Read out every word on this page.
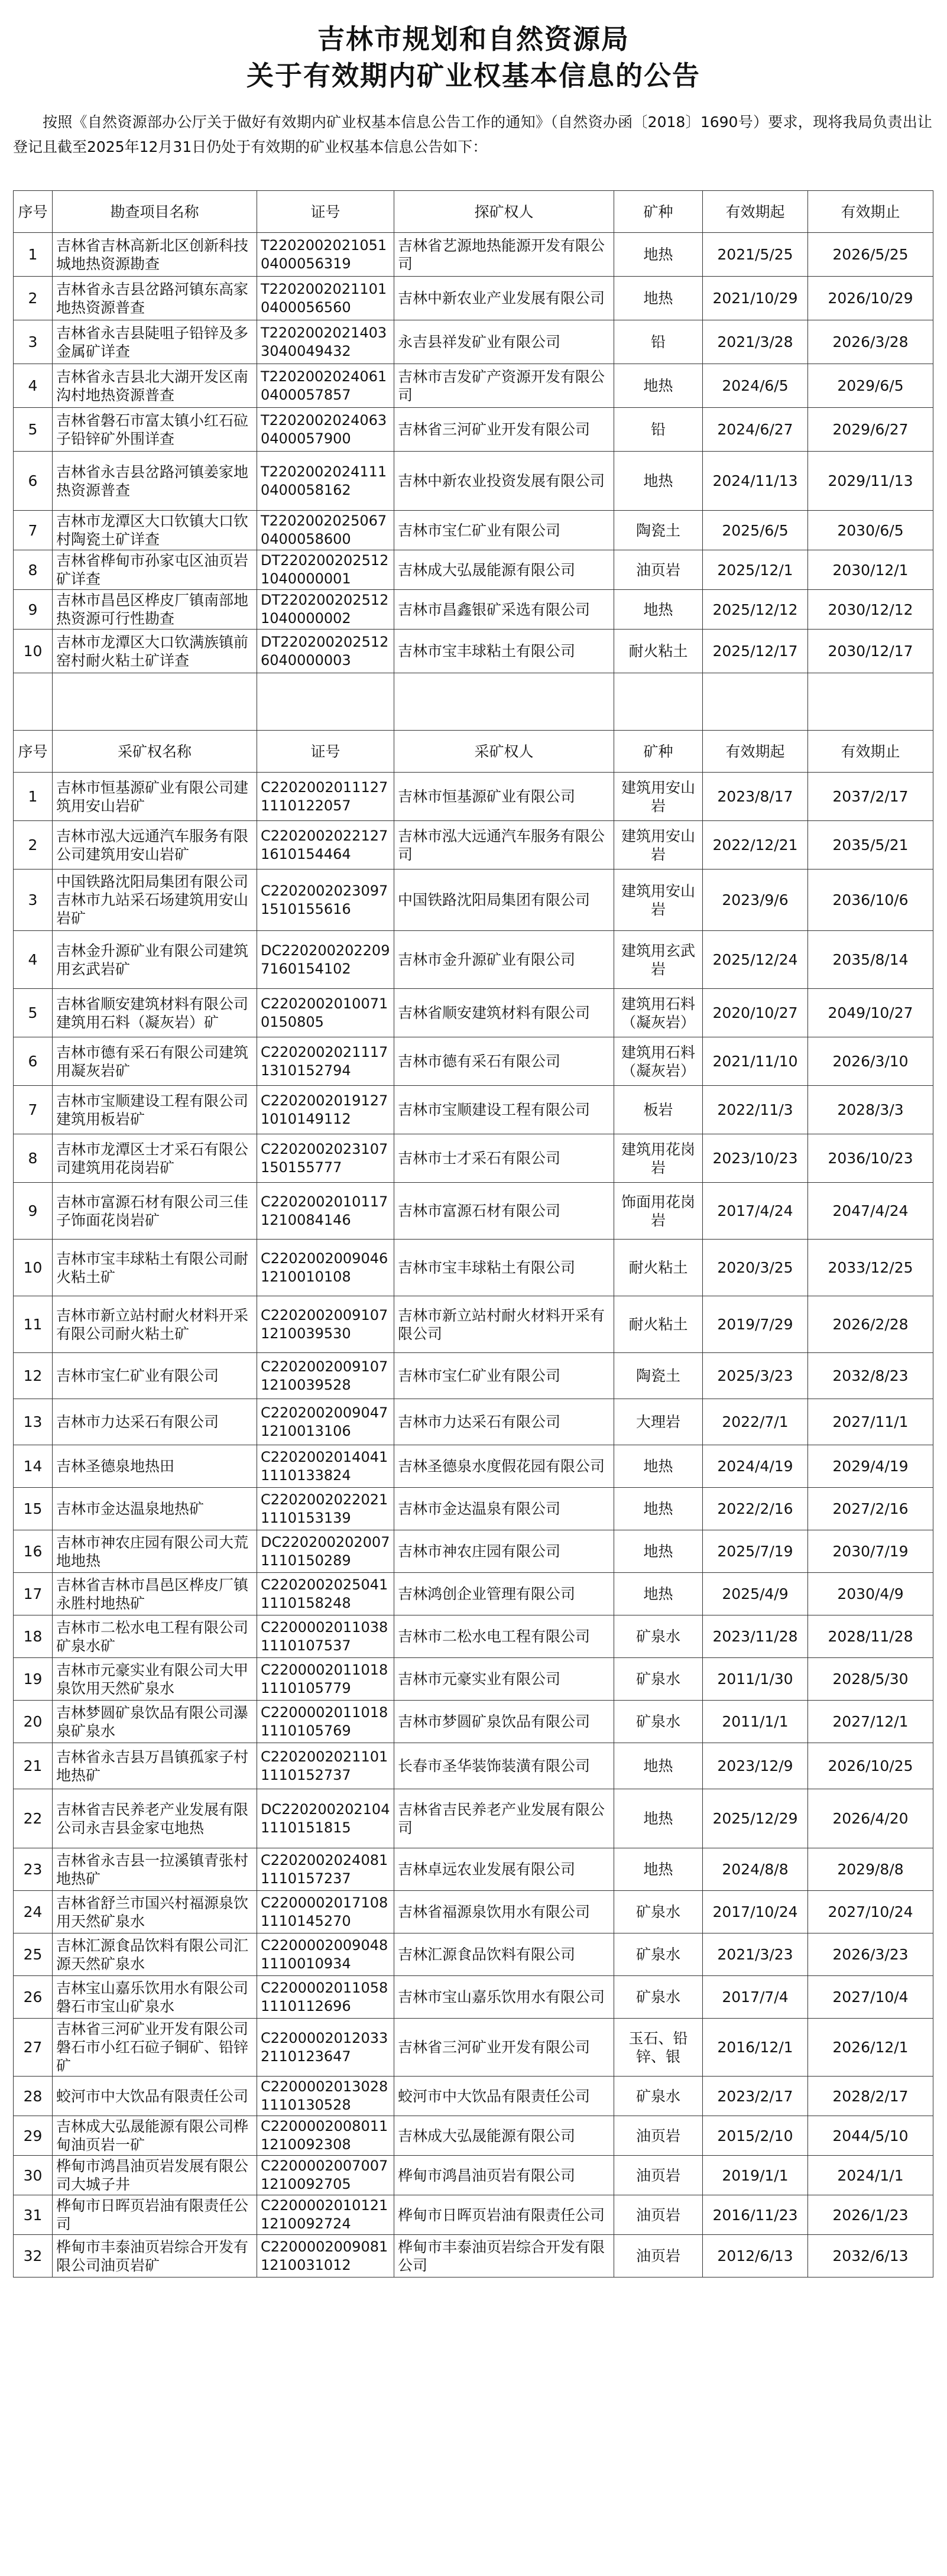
吉林市规划和自然资源局
关于有效期内矿业权基本信息的公告
按照《自然资源部办公厅关于做好有效期内矿业权基本信息公告工作的通知》（自然资办函〔2018〕1690号）要求，现将我局负责出让登记且截至2025年12月31日仍处于有效期的矿业权基本信息公告如下：
序号	勘查项目名称	证号	探矿权人	矿种	有效期起	有效期止
1	吉林省吉林高新北区创新科技城地热资源勘查	T22020020210510400056319	吉林省艺源地热能源开发有限公司	地热	2021/5/25	2026/5/25
2	吉林省永吉县岔路河镇东高家地热资源普查	T22020020211010400056560	吉林中新农业产业发展有限公司	地热	2021/10/29	2026/10/29
3	吉林省永吉县陡咀子铅锌及多金属矿详查	T22020020214033040049432	永吉县祥发矿业有限公司	铅	2021/3/28	2026/3/28
4	吉林省永吉县北大湖开发区南沟村地热资源普查	T22020020240610400057857	吉林市吉发矿产资源开发有限公司	地热	2024/6/5	2029/6/5
5	吉林省磐石市富太镇小红石砬子铅锌矿外围详查	T22020020240630400057900	吉林省三河矿业开发有限公司	铅	2024/6/27	2029/6/27
6	吉林省永吉县岔路河镇姜家地热资源普查	T22020020241110400058162	吉林中新农业投资发展有限公司	地热	2024/11/13	2029/11/13
7	吉林市龙潭区大口钦镇大口钦村陶瓷土矿详查	T22020020250670400058600	吉林市宝仁矿业有限公司	陶瓷土	2025/6/5	2030/6/5
8	吉林省桦甸市孙家屯区油页岩矿详查	DT2202002025121040000001	吉林成大弘晟能源有限公司	油页岩	2025/12/1	2030/12/1
9	吉林市昌邑区桦皮厂镇南部地热资源可行性勘查	DT2202002025121040000002	吉林市昌鑫银矿采选有限公司	地热	2025/12/12	2030/12/12
10	吉林市龙潭区大口钦满族镇前窑村耐火粘土矿详查	DT2202002025126040000003	吉林市宝丰球粘土有限公司	耐火粘土	2025/12/17	2030/12/17

序号	采矿权名称	证号	采矿权人	矿种	有效期起	有效期止
1	吉林市恒基源矿业有限公司建筑用安山岩矿	C22020020111271110122057	吉林市恒基源矿业有限公司	建筑用安山岩	2023/8/17	2037/2/17
2	吉林市泓大远通汽车服务有限公司建筑用安山岩矿	C22020020221271610154464	吉林市泓大远通汽车服务有限公司	建筑用安山岩	2022/12/21	2035/5/21
3	中国铁路沈阳局集团有限公司吉林市九站采石场建筑用安山岩矿	C22020020230971510155616	中国铁路沈阳局集团有限公司	建筑用安山岩	2023/9/6	2036/10/6
4	吉林金升源矿业有限公司建筑用玄武岩矿	DC2202002022097160154102	吉林市金升源矿业有限公司	建筑用玄武岩	2025/12/24	2035/8/14
5	吉林省顺安建筑材料有限公司建筑用石料（凝灰岩）矿	C22020020100710150805	吉林省顺安建筑材料有限公司	建筑用石料（凝灰岩）	2020/10/27	2049/10/27
6	吉林市德有采石有限公司建筑用凝灰岩矿	C22020020211171310152794	吉林市德有采石有限公司	建筑用石料（凝灰岩）	2021/11/10	2026/3/10
7	吉林市宝顺建设工程有限公司建筑用板岩矿	C22020020191271010149112	吉林市宝顺建设工程有限公司	板岩	2022/11/3	2028/3/3
8	吉林市龙潭区士才采石有限公司建筑用花岗岩矿	C2202002023107150155777	吉林市士才采石有限公司	建筑用花岗岩	2023/10/23	2036/10/23
9	吉林市富源石材有限公司三佳子饰面花岗岩矿	C22020020101171210084146	吉林市富源石材有限公司	饰面用花岗岩	2017/4/24	2047/4/24
10	吉林市宝丰球粘土有限公司耐火粘土矿	C22020020090461210010108	吉林市宝丰球粘土有限公司	耐火粘土	2020/3/25	2033/12/25
11	吉林市新立站村耐火材料开采有限公司耐火粘土矿	C22020020091071210039530	吉林市新立站村耐火材料开采有限公司	耐火粘土	2019/7/29	2026/2/28
12	吉林市宝仁矿业有限公司	C22020020091071210039528	吉林市宝仁矿业有限公司	陶瓷土	2025/3/23	2032/8/23
13	吉林市力达采石有限公司	C22020020090471210013106	吉林市力达采石有限公司	大理岩	2022/7/1	2027/11/1
14	吉林圣德泉地热田	C22020020140411110133824	吉林圣德泉水度假花园有限公司	地热	2024/4/19	2029/4/19
15	吉林市金达温泉地热矿	C22020020220211110153139	吉林市金达温泉有限公司	地热	2022/2/16	2027/2/16
16	吉林市神农庄园有限公司大荒地地热	DC2202002020071110150289	吉林市神农庄园有限公司	地热	2025/7/19	2030/7/19
17	吉林省吉林市昌邑区桦皮厂镇永胜村地热矿	C22020020250411110158248	吉林鸿创企业管理有限公司	地热	2025/4/9	2030/4/9
18	吉林市二松水电工程有限公司矿泉水矿	C22000020110381110107537	吉林市二松水电工程有限公司	矿泉水	2023/11/28	2028/11/28
19	吉林市元豪实业有限公司大甲泉饮用天然矿泉水	C22000020110181110105779	吉林市元豪实业有限公司	矿泉水	2011/1/30	2028/5/30
20	吉林梦圆矿泉饮品有限公司瀑泉矿泉水	C22000020110181110105769	吉林市梦圆矿泉饮品有限公司	矿泉水	2011/1/1	2027/12/1
21	吉林省永吉县万昌镇孤家子村地热矿	C22020020211011110152737	长春市圣华装饰装潢有限公司	地热	2023/12/9	2026/10/25
22	吉林省吉民养老产业发展有限公司永吉县金家屯地热	DC2202002021041110151815	吉林省吉民养老产业发展有限公司	地热	2025/12/29	2026/4/20
23	吉林省永吉县一拉溪镇青张村地热矿	C22020020240811110157237	吉林卓远农业发展有限公司	地热	2024/8/8	2029/8/8
24	吉林省舒兰市国兴村福源泉饮用天然矿泉水	C22000020171081110145270	吉林省福源泉饮用水有限公司	矿泉水	2017/10/24	2027/10/24
25	吉林汇源食品饮料有限公司汇源天然矿泉水	C22000020090481110010934	吉林汇源食品饮料有限公司	矿泉水	2021/3/23	2026/3/23
26	吉林宝山嘉乐饮用水有限公司磐石市宝山矿泉水	C22000020110581110112696	吉林市宝山嘉乐饮用水有限公司	矿泉水	2017/7/4	2027/10/4
27	吉林省三河矿业开发有限公司磐石市小红石砬子铜矿、铅锌矿	C22000020120332110123647	吉林省三河矿业开发有限公司	玉石、铅锌、银	2016/12/1	2026/12/1
28	蛟河市中大饮品有限责任公司	C22000020130281110130528	蛟河市中大饮品有限责任公司	矿泉水	2023/2/17	2028/2/17
29	吉林成大弘晟能源有限公司桦甸油页岩一矿	C22000020080111210092308	吉林成大弘晟能源有限公司	油页岩	2015/2/10	2044/5/10
30	桦甸市鸿昌油页岩发展有限公司大城子井	C22000020070071210092705	桦甸市鸿昌油页岩有限公司	油页岩	2019/1/1	2024/1/1
31	桦甸市日晖页岩油有限责任公司	C22000020101211210092724	桦甸市日晖页岩油有限责任公司	油页岩	2016/11/23	2026/1/23
32	桦甸市丰泰油页岩综合开发有限公司油页岩矿	C22000020090811210031012	桦甸市丰泰油页岩综合开发有限公司	油页岩	2012/6/13	2032/6/13
